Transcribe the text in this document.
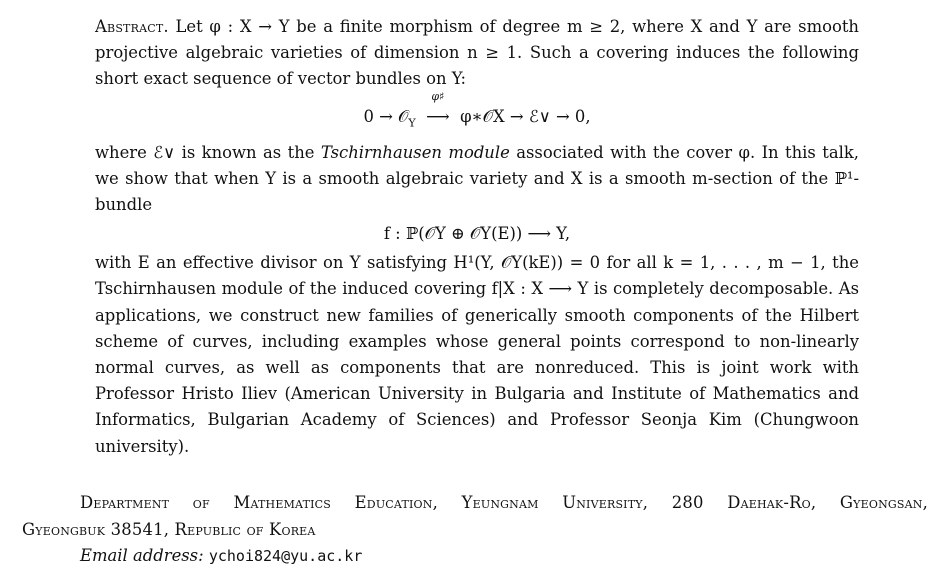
Abstract. Let φ : X → Y be a finite morphism of degree m ≥ 2, where X and Y are smooth projective algebraic varieties of dimension n ≥ 1. Such a covering induces the following short exact sequence of vector bundles on Y:

0 → 𝒪$_Y$
φ♯
⟶ φ∗𝒪X → ℰ∨ → 0,

where ℰ∨ is known as the Tschirnhausen module associated with the cover φ. In this talk, we show that when Y is a smooth algebraic variety and X is a smooth m-section of the ℙ¹-bundle

f : ℙ(𝒪Y ⊕ 𝒪Y(E)) ⟶ Y,

with E an effective divisor on Y satisfying H¹(Y, 𝒪Y(kE)) = 0 for all k = 1, . . . , m − 1, the Tschirnhausen module of the induced covering f|X : X ⟶ Y is completely decomposable. As applications, we construct new families of generically smooth components of the Hilbert scheme of curves, including examples whose general points correspond to non-linearly normal curves, as well as components that are nonreduced. This is joint work with Professor Hristo Iliev (American University in Bulgaria and Institute of Mathematics and Informatics, Bulgarian Academy of Sciences) and Professor Seonja Kim (Chungwoon university).

Department of Mathematics Education, Yeungnam University, 280 Daehak-Ro, Gyeongsan,
Gyeongbuk 38541, Republic of Korea
Email address: ychoi824@yu.ac.kr
